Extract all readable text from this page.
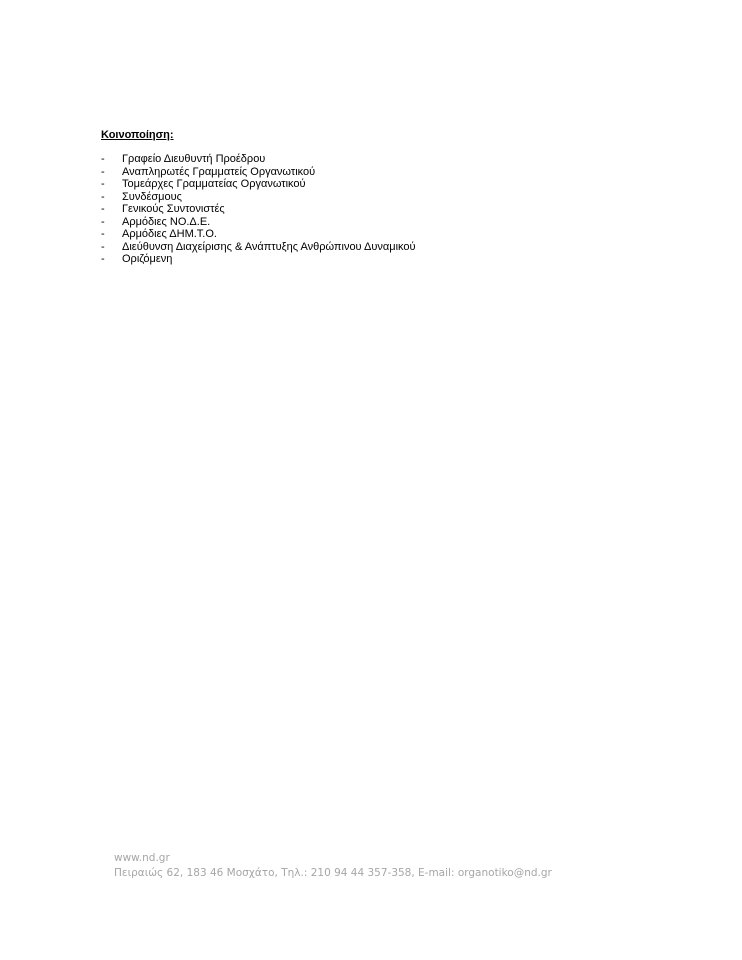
Κοινοποίηση:

-	Γραφείο Διευθυντή Προέδρου
-	Αναπληρωτές Γραμματείς Οργανωτικού
-	Τομεάρχες Γραμματείας Οργανωτικού
-	Συνδέσμους
-	Γενικούς Συντονιστές
-	Αρμόδιες ΝΟ.Δ.Ε.
-	Αρμόδιες ΔΗΜ.Τ.Ο.
-	Διεύθυνση Διαχείρισης & Ανάπτυξης Ανθρώπινου Δυναμικού
-	Οριζόμενη
www.nd.gr
Πειραιώς 62, 183 46 Μοσχάτο, Τηλ.: 210 94 44 357-358, E-mail: organotiko@nd.gr
